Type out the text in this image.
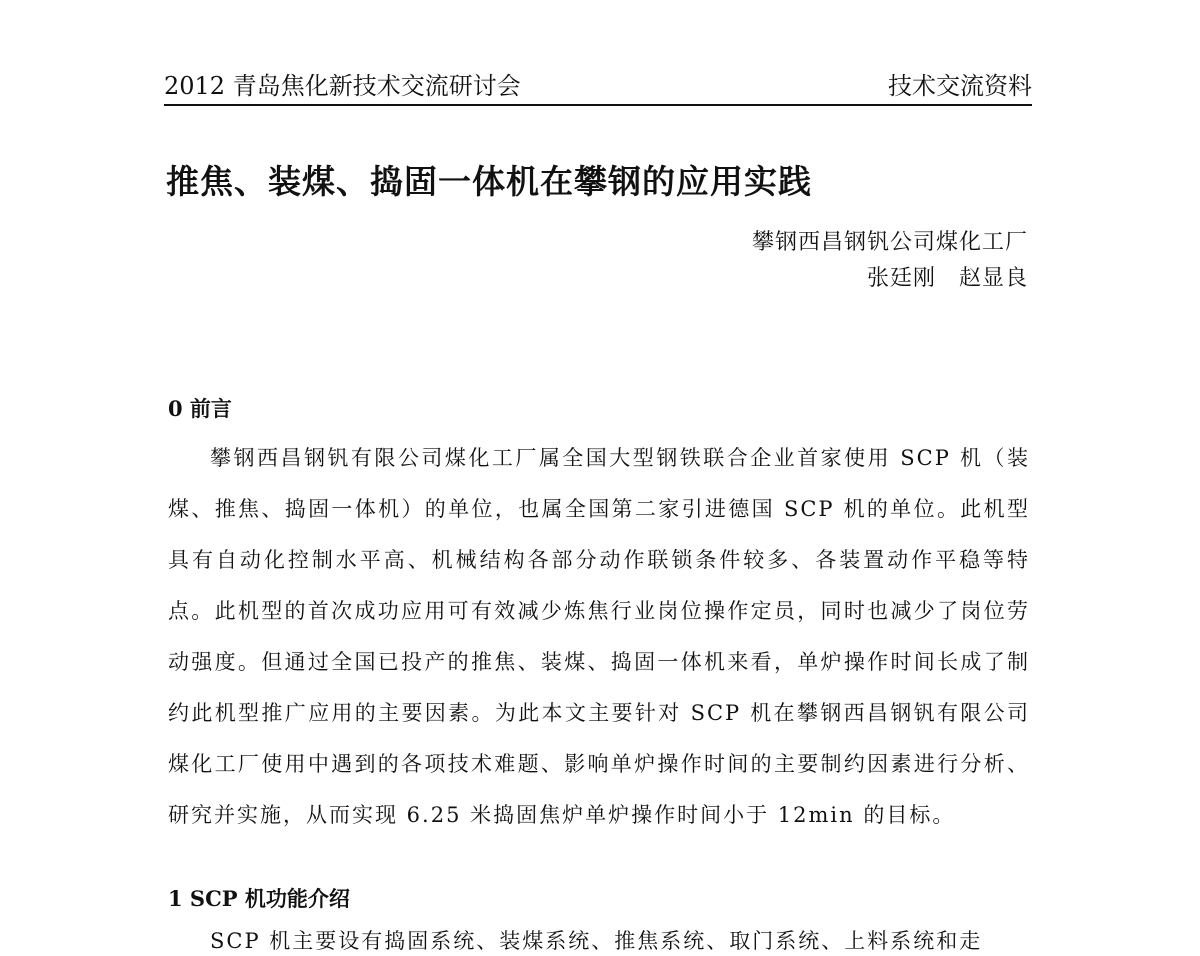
2012 青岛焦化新技术交流研讨会	技术交流资料
推焦、装煤、捣固一体机在攀钢的应用实践
攀钢西昌钢钒公司煤化工厂
张廷刚　赵显良
0 前言

攀钢西昌钢钒有限公司煤化工厂属全国大型钢铁联合企业首家使用 SCP 机（装煤、推焦、捣固一体机）的单位，也属全国第二家引进德国 SCP 机的单位。此机型具有自动化控制水平高、机械结构各部分动作联锁条件较多、各装置动作平稳等特点。此机型的首次成功应用可有效减少炼焦行业岗位操作定员，同时也减少了岗位劳动强度。但通过全国已投产的推焦、装煤、捣固一体机来看，单炉操作时间长成了制约此机型推广应用的主要因素。为此本文主要针对 SCP 机在攀钢西昌钢钒有限公司煤化工厂使用中遇到的各项技术难题、影响单炉操作时间的主要制约因素进行分析、研究并实施，从而实现 6.25 米捣固焦炉单炉操作时间小于 12min 的目标。

1 SCP 机功能介绍
SCP 机主要设有捣固系统、装煤系统、推焦系统、取门系统、上料系统和走
